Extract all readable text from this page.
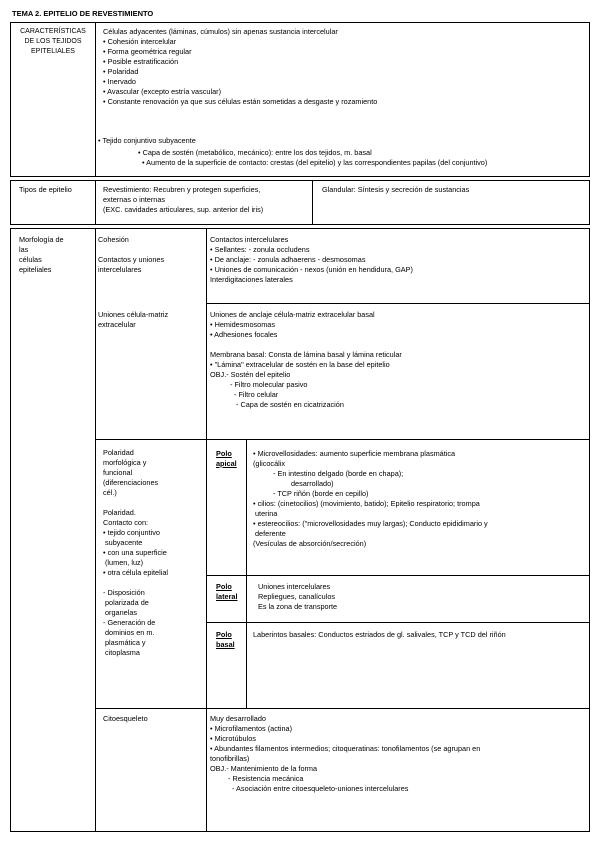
TEMA 2. EPITELIO DE REVESTIMIENTO
CARACTERÍSTICAS
DE LOS TEJIDOS
EPITELIALES
Células adyacentes (láminas, cúmulos) sin apenas sustancia intercelular
• Cohesión intercelular
• Forma geométrica regular
• Posible estratificación
• Polaridad
• Inervado
• Avascular (excepto estría vascular)
• Constante renovación ya que sus células están sometidas a desgaste y rozamiento
• Tejido conjuntivo subyacente
• Capa de sostén (metabólico, mecánico): entre los dos tejidos, m. basal
• Aumento de la superficie de contacto: crestas (del epitelio) y las correspondientes papilas (del conjuntivo)
Tipos de epitelio	Revestimiento: Recubren y protegen superficies,
externas o internas
(EXC. cavidades articulares, sup. anterior del iris)
Glandular: Síntesis y secreción de sustancias
Morfología de
las
células
epiteliales
Cohesión
Contactos y uniones
intercelulares
Contactos intercelulares
• Sellantes: - zonula occludens
• De anclaje: - zonula adhaerens - desmosomas
• Uniones de comunicación - nexos (unión en hendidura, GAP)
Interdigitaciones laterales
Uniones célula-matriz
extracelular
Uniones de anclaje célula-matriz extracelular basal
• Hemidesmosomas
• Adhesiones focales
Membrana basal: Consta de lámina basal y lámina reticular
• "Lámina" extracelular de sostén en la base del epitelio
OBJ.- Sostén del epitelio
- Filtro molecular pasivo
- Filtro celular
- Capa de sostén en cicatrización
Polaridad
morfológica y
funcional
(diferenciaciones
cél.)
Polaridad.
Contacto con:
• tejido conjuntivo
subyacente
• con una superficie
(lumen, luz)
• otra célula epitelial
- Disposición
polarizada de
organelas
- Generación de
dominios en m.
plasmática y
citoplasma
Polo
apical
• Microvellosidades: aumento superficie membrana plasmática
(glicocálix
- En intestino delgado (borde en chapa);
desarrollado)
- TCP riñón (borde en cepillo)
• cilios: (cinetocilios) (movimiento, batido); Epitelio respiratorio; trompa
uterina
• estereocilios: ("microvellosidades muy largas); Conducto epididimario y
deferente
(Vesículas de absorción/secreción)
Polo
lateral
Uniones intercelulares
Repliegues, canalículos
Es la zona de transporte
Polo
basal
Laberintos basales: Conductos estriados de gl. salivales, TCP y TCD del riñón
Citoesqueleto	Muy desarrollado
• Microfilamentos (actina)
• Microtúbulos
• Abundantes filamentos intermedios; citoqueratinas: tonofilamentos (se agrupan en
tonofibrillas)
OBJ.- Mantenimiento de la forma
- Resistencia mecánica
- Asociación entre citoesqueleto-uniones intercelulares
